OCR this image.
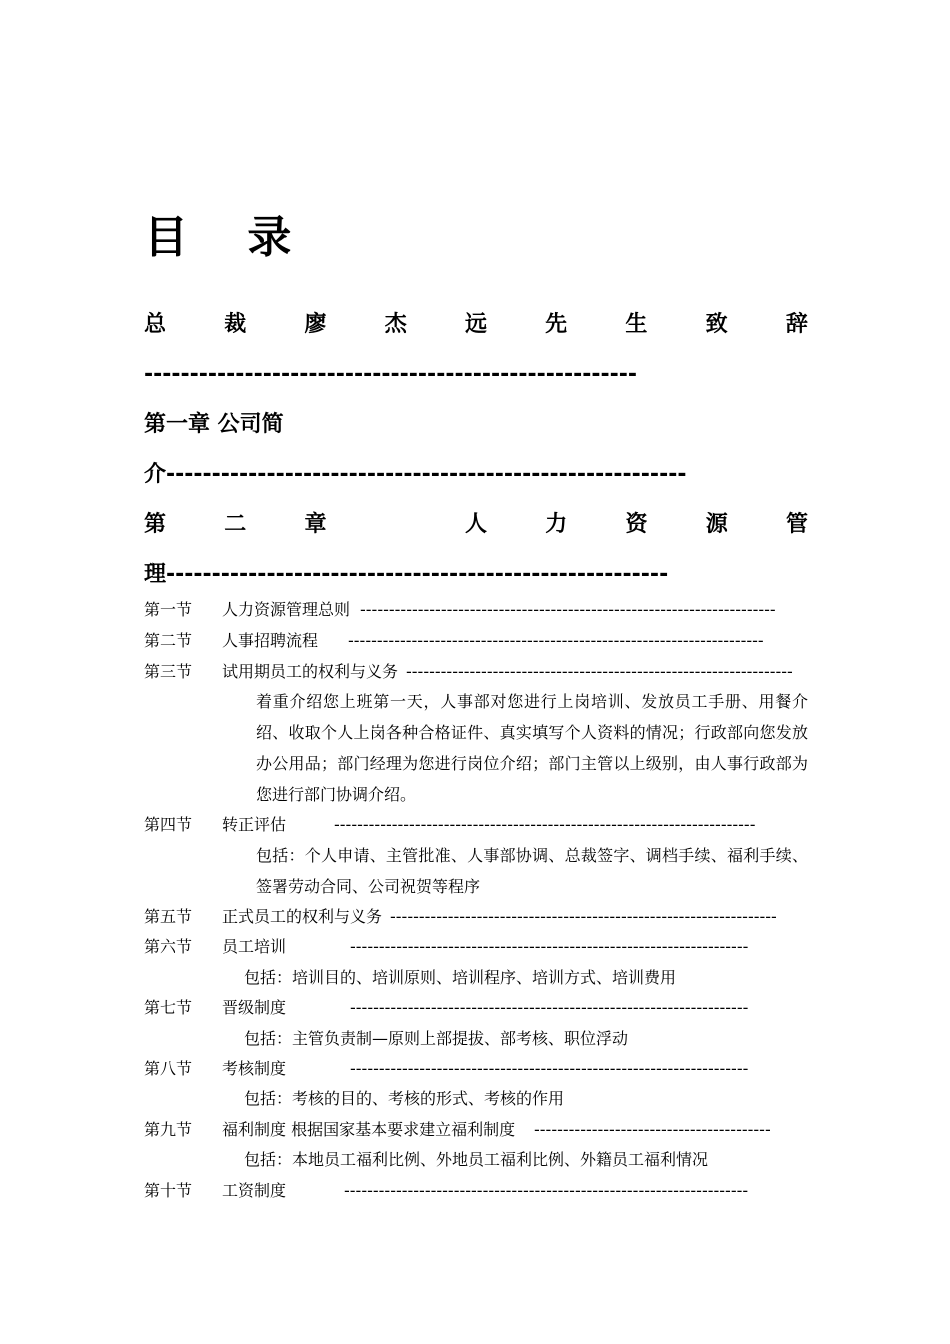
目 录
总	裁	廖	杰	远	先	生	致	辞
------------------------------------------------------
第一章 公司简
介---------------------------------------------------------
第	二	章	人	力	资	源	管
理-------------------------------------------------------
第一节 人力资源管理总则 ------------------------------------------------------------------------
第二节 人事招聘流程 ------------------------------------------------------------------------
第三节 试用期员工的权利与义务 -------------------------------------------------------------------
着重介绍您上班第一天，人事部对您进行上岗培训、发放员工手册、用餐介绍、收取个人上岗各种合格证件、真实填写个人资料的情况；行政部向您发放办公用品；部门经理为您进行岗位介绍；部门主管以上级别，由人事行政部为您进行部门协调介绍。
第四节 转正评估	-------------------------------------------------------------------------
包括：个人申请、主管批准、人事部协调、总裁签字、调档手续、福利手续、签署劳动合同、公司祝贺等程序
第五节 正式员工的权利与义务 -------------------------------------------------------------------
第六节 员工培训	---------------------------------------------------------------------
包括：培训目的、培训原则、培训程序、培训方式、培训费用
第七节 晋级制度	---------------------------------------------------------------------
包括：主管负责制—原则上部提拔、部考核、职位浮动
第八节 考核制度	---------------------------------------------------------------------
包括：考核的目的、考核的形式、考核的作用
第九节 福利制度 根据国家基本要求建立福利制度 -----------------------------------------
包括：本地员工福利比例、外地员工福利比例、外籍员工福利情况
第十节 工资制度	----------------------------------------------------------------------
